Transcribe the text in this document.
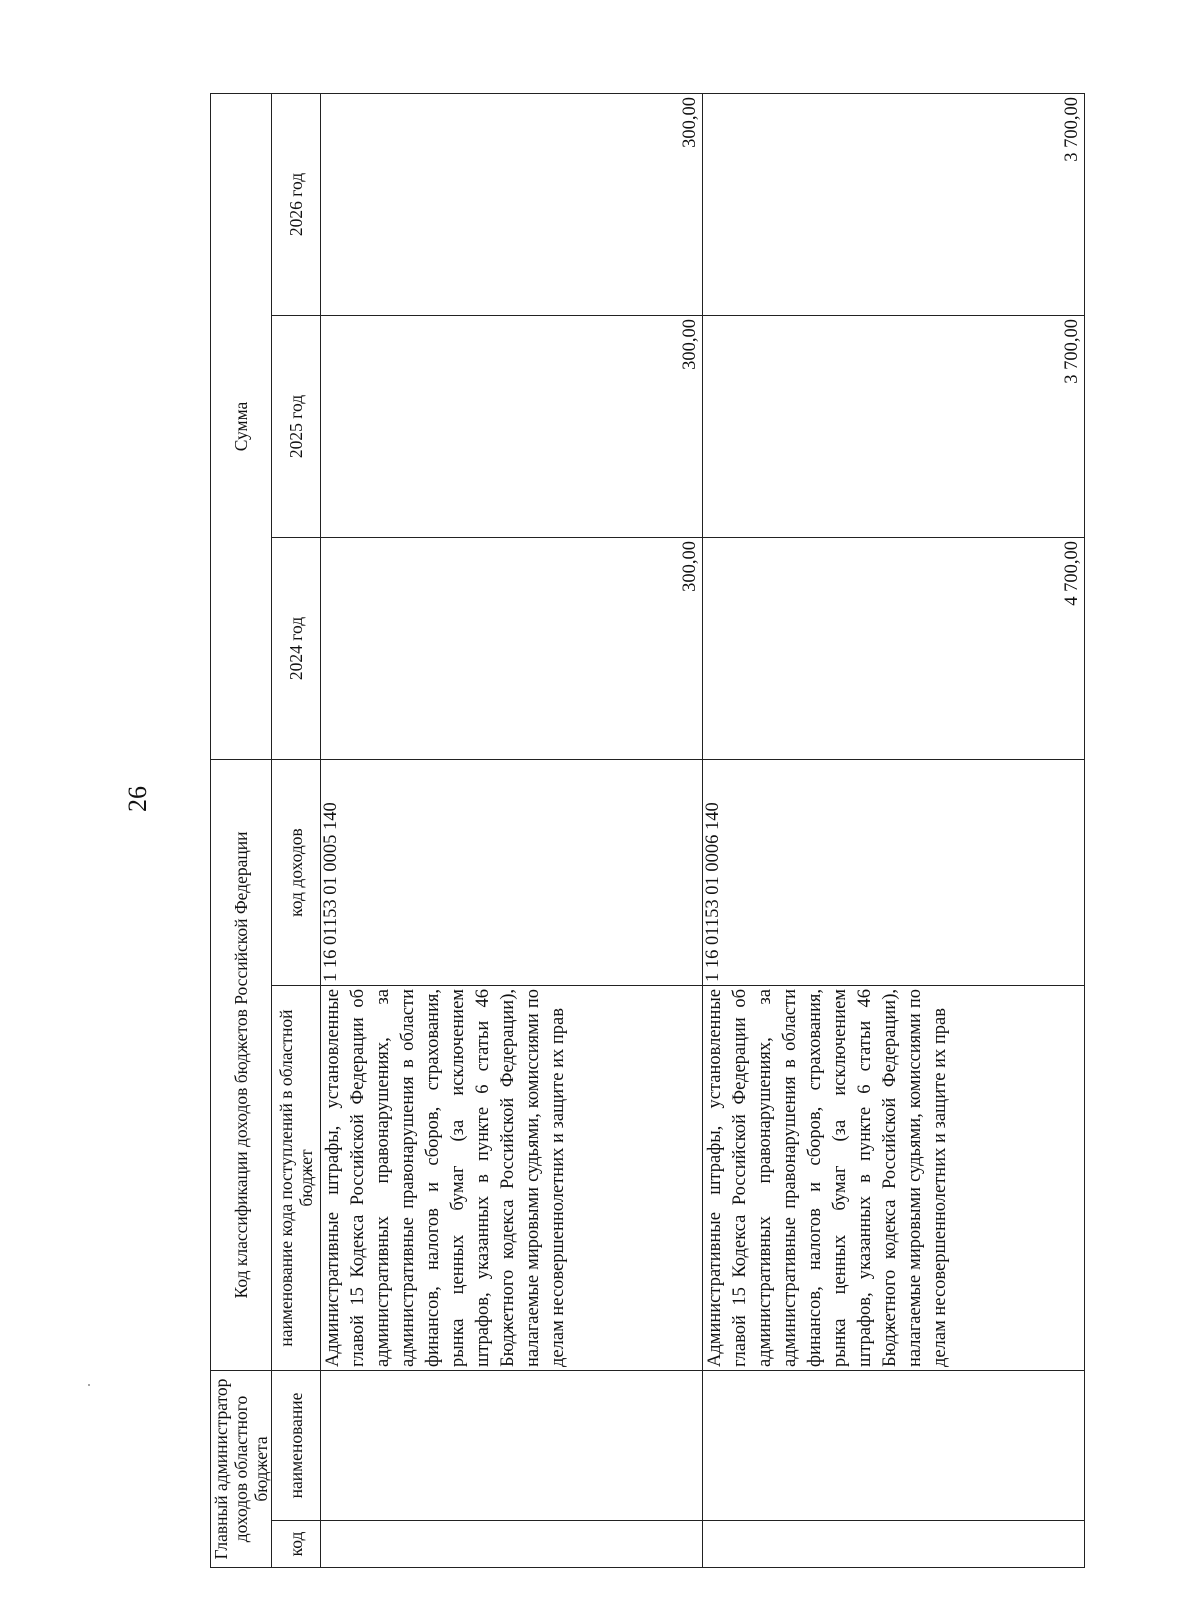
26
Главный администратор доходов областного бюджета		Код классификации доходов бюджетов Российской Федерации		Сумма		
код	наименование	наименование кода поступлений в областной бюджет	код доходов	2024 год	2025 год	2026 год
		Административные штрафы, установленные главой 15 Кодекса Российской Федерации об административных правонарушениях, за административные правонарушения в области финансов, налогов и сборов, страхования, рынка ценных бумаг (за исключением штрафов, указанных в пункте 6 статьи 46 Бюджетного кодекса Российской Федерации), налагаемые мировыми судьями, комиссиями по делам несовершеннолетних и защите их прав	1 16 01153 01 0005 140	300,00	300,00	300,00
		Административные штрафы, установленные главой 15 Кодекса Российской Федерации об административных правонарушениях, за административные правонарушения в области финансов, налогов и сборов, страхования, рынка ценных бумаг (за исключением штрафов, указанных в пункте 6 статьи 46 Бюджетного кодекса Российской Федерации), налагаемые мировыми судьями, комиссиями по делам несовершеннолетних и защите их прав	1 16 01153 01 0006 140	4 700,00	3 700,00	3 700,00
